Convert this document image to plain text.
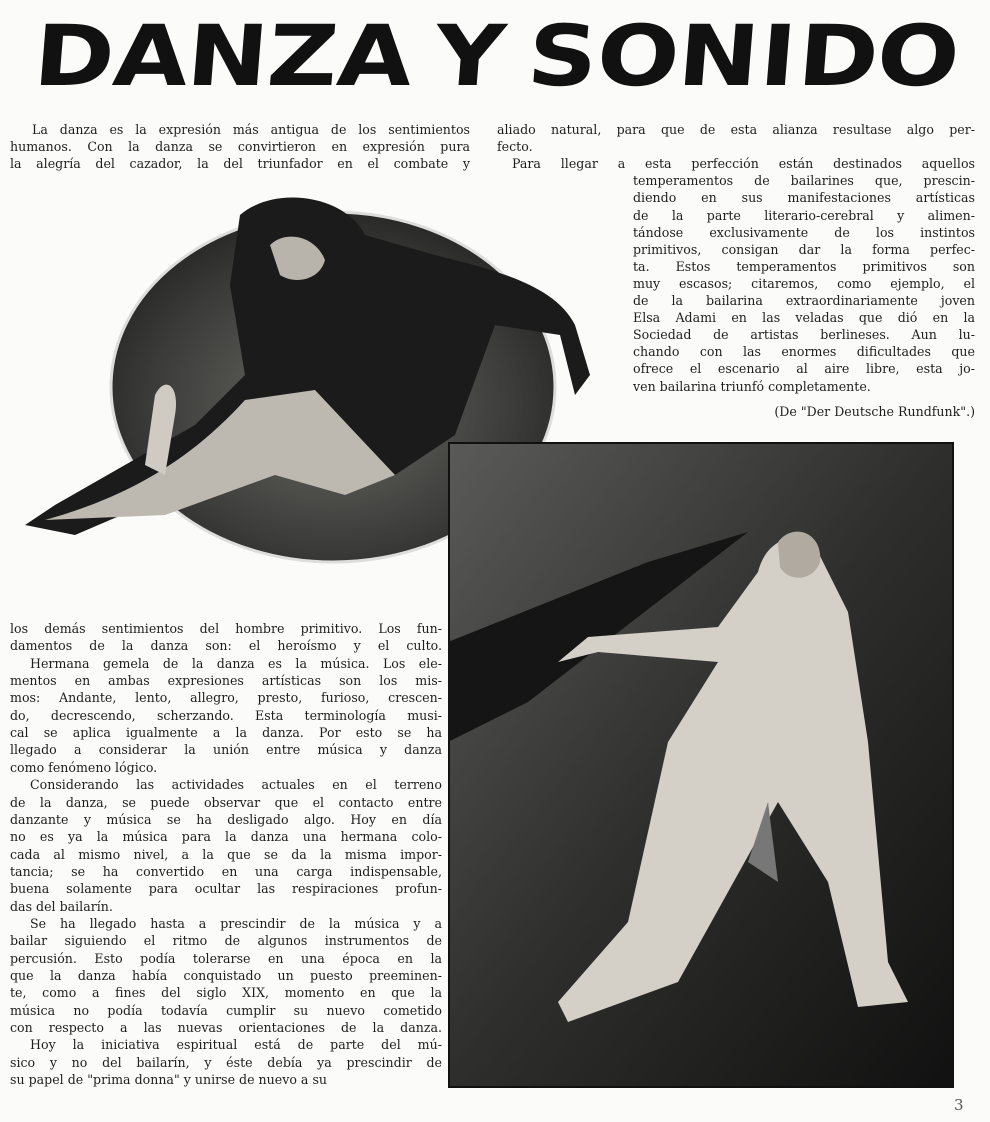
D
A
N
Z
A Y S
O
N
I
D
O
3
La danza es la expresión más antigua de los sentimientos
humanos. Con la danza se convirtieron en expresión pura
la alegría del cazador, la del triunfador en el combate y
aliado natural, para que de esta alianza resultase algo per-
fecto.
Para llegar a esta perfección están destinados aquellos
temperamentos de bailarines que, prescin-
diendo en sus manifestaciones artísticas
de la parte literario-cerebral y alimen-
tándose exclusivamente de los instintos
primitivos, consigan dar la forma perfec-
ta. Estos temperamentos primitivos son
muy escasos; citaremos, como ejemplo, el
de la bailarina extraordinariamente joven
Elsa Adami en las veladas que dió en la
Sociedad de artistas berlineses. Aun lu-
chando con las enormes dificultades que
ofrece el escenario al aire libre, esta jo-
ven bailarina triunfó completamente.
(De "Der Deutsche Rundfunk".)
los demás sentimientos del hombre primitivo. Los fun-
damentos de la danza son: el heroísmo y el culto.
Hermana gemela de la danza es la música. Los ele-
mentos en ambas expresiones artísticas son los mis-
mos: Andante, lento, allegro, presto, furioso, crescen-
do, decrescendo, scherzando. Esta terminología musi-
cal se aplica igualmente a la danza. Por esto se ha
llegado a considerar la unión entre música y danza
como fenómeno lógico.
Considerando las actividades actuales en el terreno
de la danza, se puede observar que el contacto entre
danzante y música se ha desligado algo. Hoy en día
no es ya la música para la danza una hermana colo-
cada al mismo nivel, a la que se da la misma impor-
tancia; se ha convertido en una carga indispensable,
buena solamente para ocultar las respiraciones profun-
das del bailarín.
Se ha llegado hasta a prescindir de la música y a
bailar siguiendo el ritmo de algunos instrumentos de
percusión. Esto podía tolerarse en una época en la
que la danza había conquistado un puesto preeminen-
te, como a fines del siglo XIX, momento en que la
música no podía todavía cumplir su nuevo cometido
con respecto a las nuevas orientaciones de la danza.
Hoy la iniciativa espiritual está de parte del mú-
sico y no del bailarín, y éste debía ya prescindir de
su papel de "prima donna" y unirse de nuevo a su
